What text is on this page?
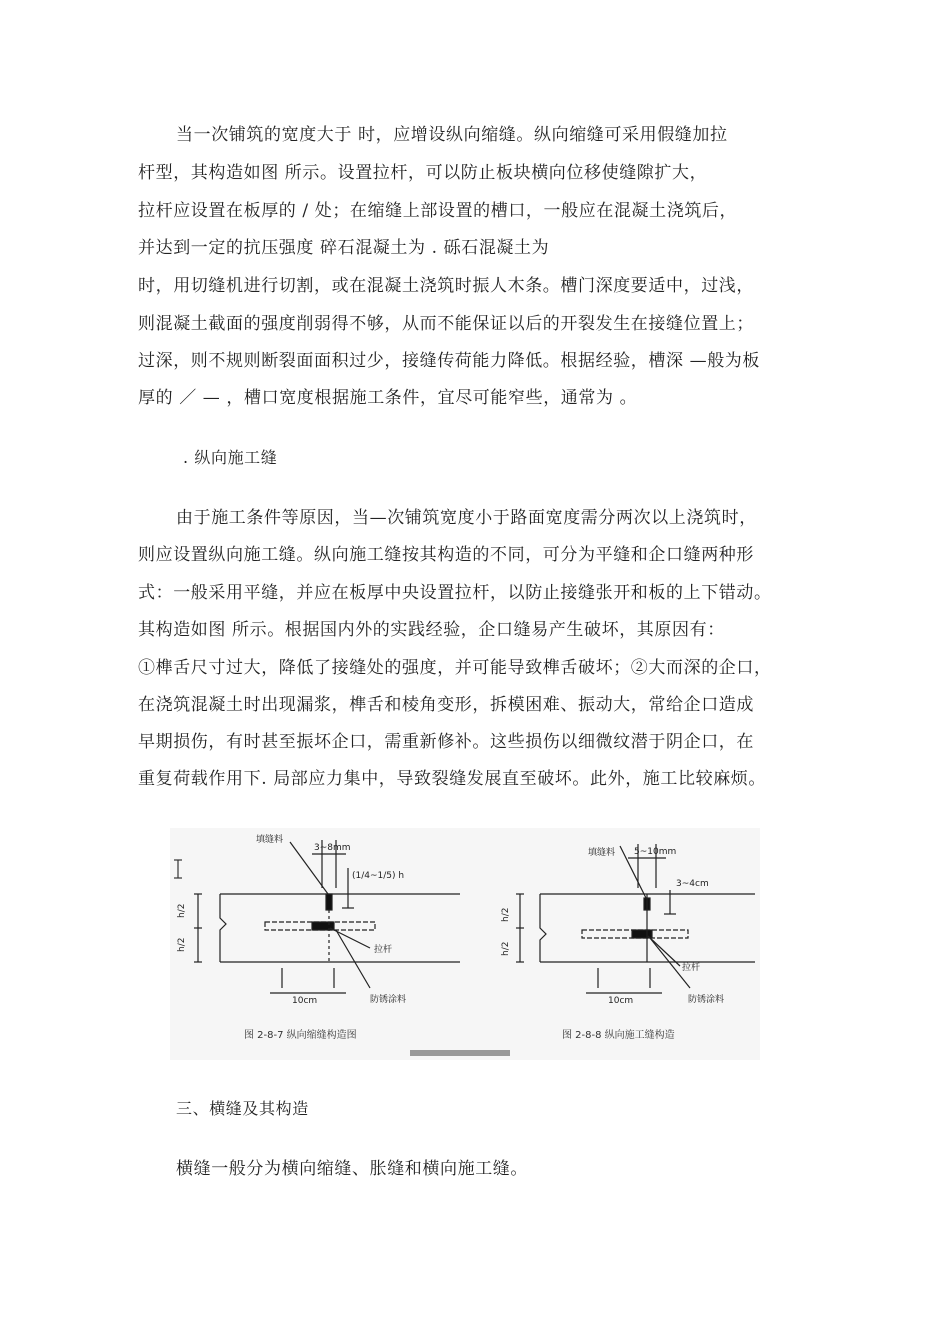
当一次铺筑的宽度大于 时，应增设纵向缩缝。纵向缩缝可采用假缝加拉
杆型，其构造如图 所示。设置拉杆，可以防止板块横向位移使缝隙扩大，
拉杆应设置在板厚的 / 处；在缩缝上部设置的槽口，一般应在混凝土浇筑后，
并达到一定的抗压强度 碎石混凝土为 . 砾石混凝土为
时，用切缝机进行切割，或在混凝土浇筑时振人木条。槽门深度要适中，过浅，
则混凝土截面的强度削弱得不够，从而不能保证以后的开裂发生在接缝位置上；
过深，则不规则断裂面面积过少，接缝传荷能力降低。根据经验，槽深 —般为板
厚的 ／ — ，槽口宽度根据施工条件，宜尽可能窄些，通常为 。
. 纵向施工缝
由于施工条件等原因，当—次铺筑宽度小于路面宽度需分两次以上浇筑时，
则应设置纵向施工缝。纵向施工缝按其构造的不同，可分为平缝和企口缝两种形
式：一般采用平缝，并应在板厚中央设置拉杆，以防止接缝张开和板的上下错动。
其构造如图 所示。根据国内外的实践经验，企口缝易产生破坏，其原因有：
①榫舌尺寸过大，降低了接缝处的强度，并可能导致榫舌破坏；②大而深的企口，
在浇筑混凝土时出现漏浆，榫舌和棱角变形，拆模困难、振动大，常给企口造成
早期损伤，有时甚至振坏企口，需重新修补。这些损伤以细微纹潜于阴企口，在
重复荷载作用下. 局部应力集中，导致裂缝发展直至破坏。此外，施工比较麻烦。
填缝料
3~8mm
(1/4~1/5) h
h/2
h/2	拉杆
10cm	防锈涂料
图 2-8-7 纵向缩缝构造图
填缝料 5~10mm
3~4cm
h/2
h/2
拉杆
10cm	防锈涂料
图 2-8-8 纵向施工缝构造
三、横缝及其构造
横缝一般分为横向缩缝、胀缝和横向施工缝。
